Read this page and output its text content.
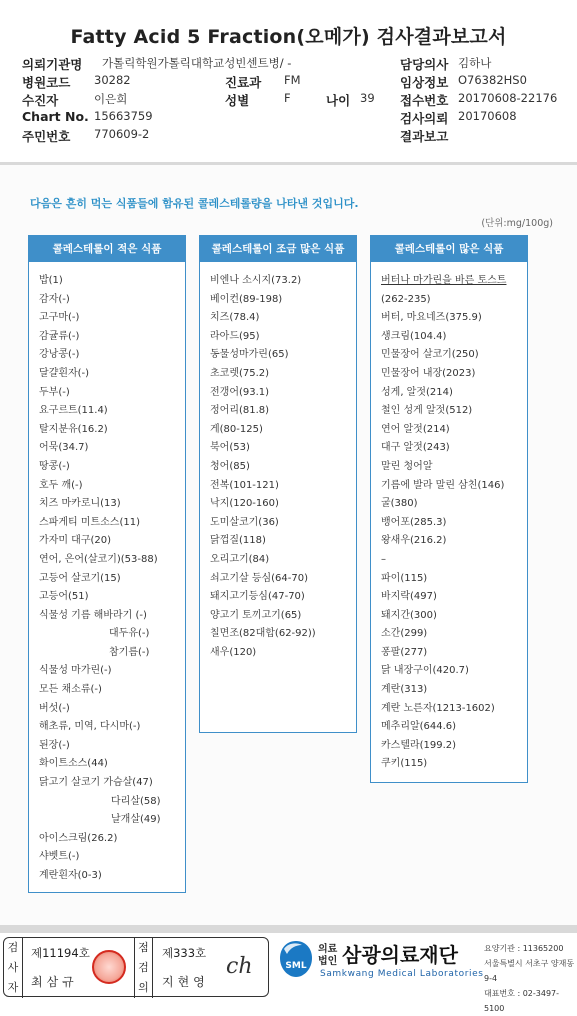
Fatty Acid 5 Fraction(오메가) 검사결과보고서
의뢰기관명 가톨릭학원가톨릭대학교성빈센트병/ -	담당의사 김하나
병원코드 30282	진료과 FM	임상정보 O76382HS0
수진자	이은희	성별	F	나이 39 접수번호 20170608-22176
Chart No. 15663759	검사의뢰 20170608
주민번호 770609-2	결과보고
다음은 흔히 먹는 식품들에 함유된 콜레스테롤량을 나타낸 것입니다.
(단위:mg/100g)
콜레스테롤이 적은 식품
밥(1)
감자(-)
고구마(-)
감귤류(-)
강낭콩(-)
달걀흰자(-)
두부(-)
요구르트(11.4)
탈지분유(16.2)
어묵(34.7)
땅콩(-)
호두 깨(-)
치즈 마카로니(13)
스파게티 미트소스(11)
가자미 대구(20)
연어, 은어(살코기)(53-88)
고등어 살코기(15)
고등어(51)
식물성 기름 해바라기 (-)
대두유(-)
참기름(-)
식물성 마가린(-)
모든 채소류(-)
버섯(-)
해초류, 미역, 다시마(-)
된장(-)
화이트소스(44)
닭고기 살코기 가슴살(47)
다리살(58)
날개살(49)
아이스크림(26.2)
샤벳트(-)
계란흰자(0-3)
콜레스테롤이 조금 많은 식품
비엔나 소시지(73.2)
베이컨(89-198)
치즈(78.4)
라아드(95)
동물성마가린(65)
초코렛(75.2)
전갱어(93.1)
정어리(81.8)
게(80-125)
북어(53)
청어(85)
전복(101-121)
낙지(120-160)
도미살코기(36)
닭껍질(118)
오리고기(84)
쇠고기살 등심(64-70)
돼지고기등심(47-70)
양고기 토끼고기(65)
칠면조(82대합(62-92))
새우(120)
콜레스테롤이 많은 식품
버터나 마가린을 바른 토스트
(262-235)
버터, 마요네즈(375.9)
생크림(104.4)
민물장어 살코기(250)
민물장어 내장(2023)
성게, 알젓(214)
철인 성게 알젓(512)
연어 알젓(214)
대구 알젓(243)
말린 청어알
기름에 발라 말린 삼친(146)
굴(380)
뱅어포(285.3)
왕새우(216.2)
–
파이(115)
바지락(497)
돼지간(300)
소간(299)
퐁팔(277)
닭 내장구이(420.7)
계란(313)
계란 노른자(1213-1602)
메추리알(644.6)
카스텔라(199.2)
쿠키(115)
검사자
제11194호
최삼규
점검의
제333호
지현영
ch	SML
의료법인 삼광의료재단
Samkwang Medical Laboratories
요양기관 : 11365200
서울특별시 서초구 양재동 9-4
대표번호 : 02-3497-5100
